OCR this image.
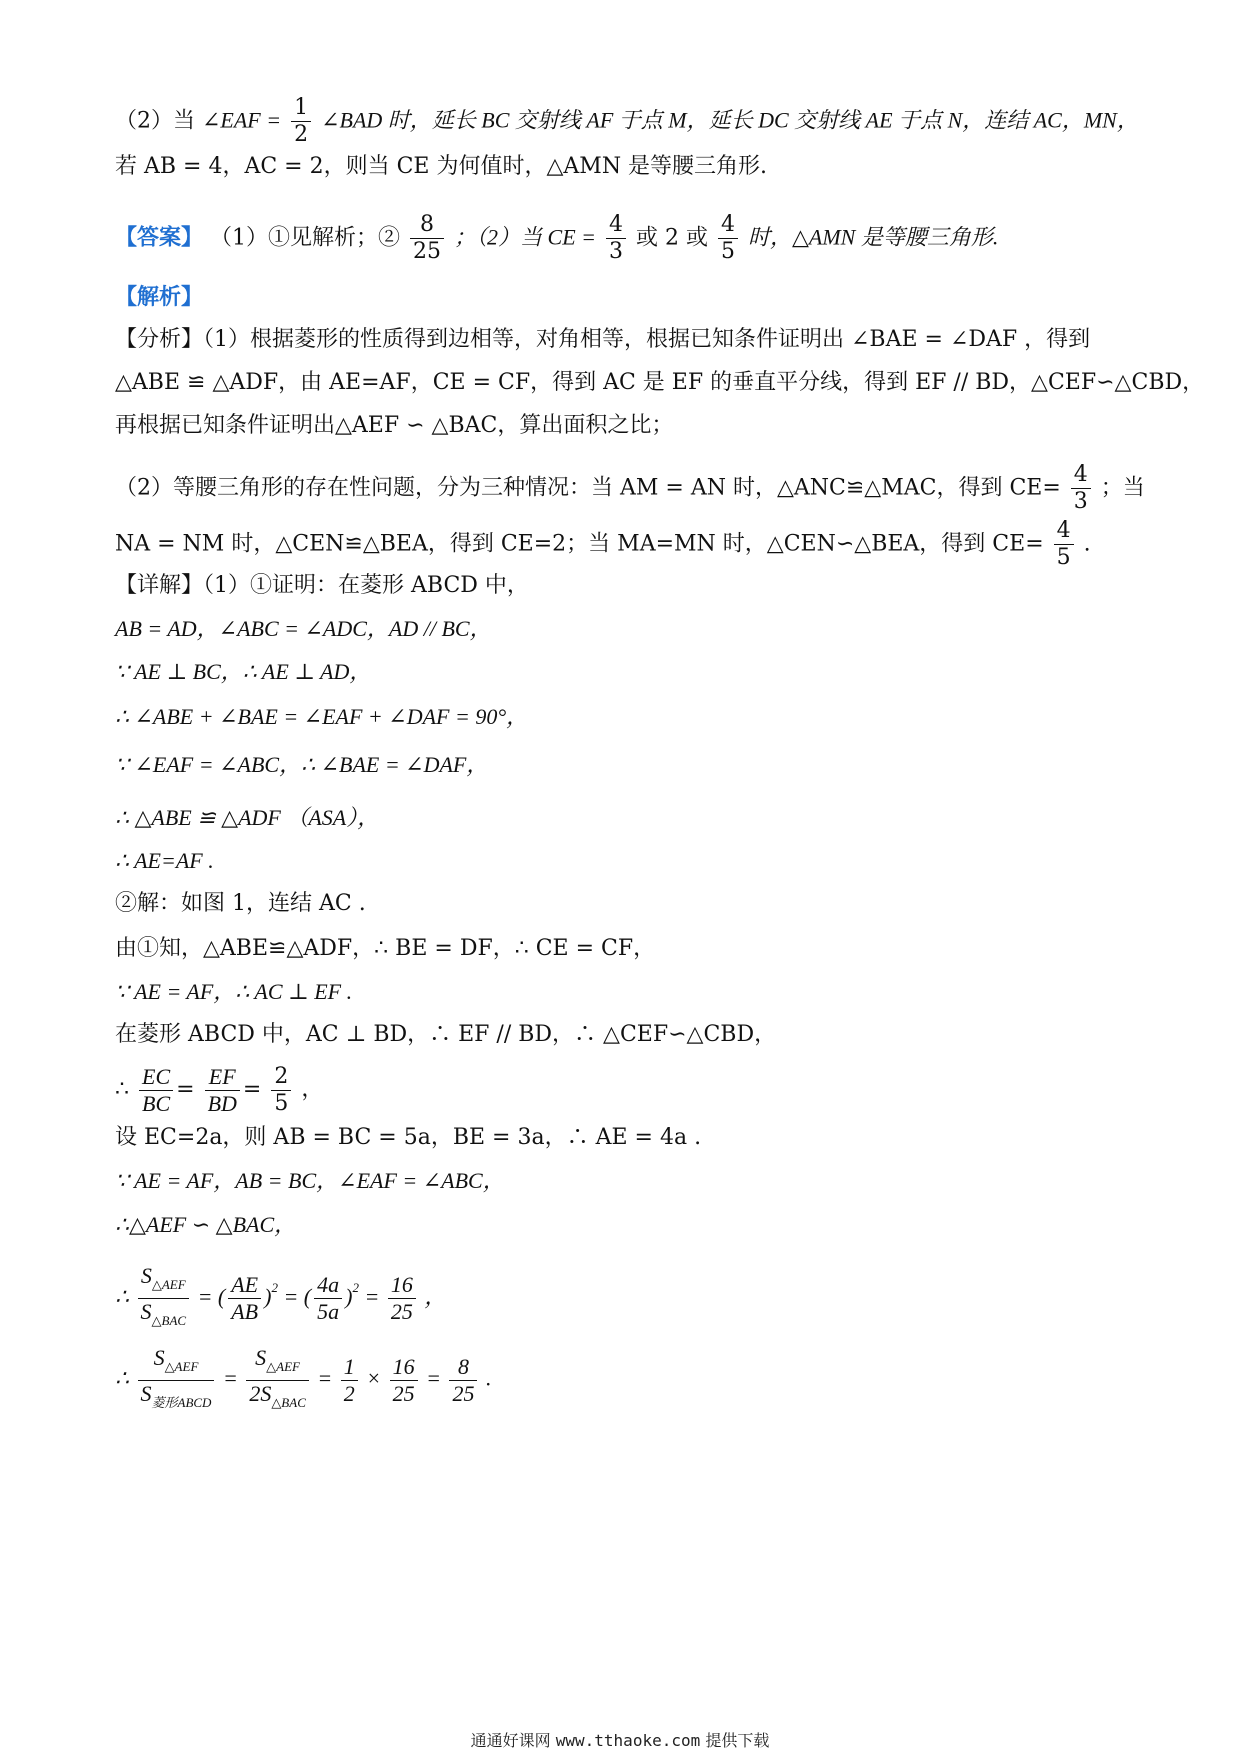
（2）当 ∠EAF = $\frac{1}{2}$ ∠BAD 时，延长 BC 交射线 AF 于点 M，延长 DC 交射线 AE 于点 N，连结 AC，MN，
若 AB = 4，AC = 2，则当 CE 为何值时，△AMN 是等腰三角形.
【答案】 （1）①见解析；② $\frac{8}{25}$ ；（2）当 CE = $\frac{4}{3}$ 或 2 或 $\frac{4}{5}$ 时，△AMN 是等腰三角形.
【解析】
【分析】（1）根据菱形的性质得到边相等，对角相等，根据已知条件证明出 ∠BAE = ∠DAF ，得到
△ABE ≌ △ADF，由 AE=AF，CE = CF，得到 AC 是 EF 的垂直平分线，得到 EF // BD，△CEF∽△CBD，
再根据已知条件证明出△AEF ∽ △BAC，算出面积之比；
（2）等腰三角形的存在性问题，分为三种情况：当 AM = AN 时，△ANC≌△MAC，得到 $CE= \frac{4}{3}$ ；当
NA = NM 时，△CEN≌△BEA，得到 CE=2；当 MA=MN 时，△CEN∽△BEA，得到 $CE= \frac{4}{5}$ .
【详解】（1）①证明：在菱形 ABCD 中，
AB = AD，∠ABC = ∠ADC，AD // BC，
∵ AE ⊥ BC，∴ AE ⊥ AD，
∴ ∠ABE + ∠BAE = ∠EAF + ∠DAF = 90°，
∵ ∠EAF = ∠ABC，∴ ∠BAE = ∠DAF，
∴ △ABE ≌ △ADF （ASA），
∴ AE=AF .
②解：如图 1，连结 AC .
由①知，△ABE≌△ADF，∴ BE = DF，∴ CE = CF，
∵ AE = AF，∴ AC ⊥ EF .
在菱形 ABCD 中，AC ⊥ BD，∴ EF // BD，∴ △CEF∽△CBD，
∴ $\frac{EC}{BC} = \frac{EF}{BD} = \frac{2}{5}$ ，
设 EC=2a，则 AB = BC = 5a，BE = 3a，∴ AE = 4a .
∵ AE = AF，AB = BC，∠EAF = ∠ABC，
∴△AEF ∽ △BAC，
∴ $\frac{S_{\triangle AEF}}{S_{\triangle BAC}}$ = ( $\frac{AE}{AB} )^2$ = ( $\frac{4a}{5a} )^2 = \frac{16}{25}$ ，
∴ $\frac{S_{\triangle AEF}}{S_{菱形ABCD}} = \frac{S_{\triangle AEF}}{2S_{\triangle BAC}} = \frac{1}{2} \times \frac{16}{25} = \frac{8}{25}$ .
通通好课网 www.tthaoke.com 提供下载
